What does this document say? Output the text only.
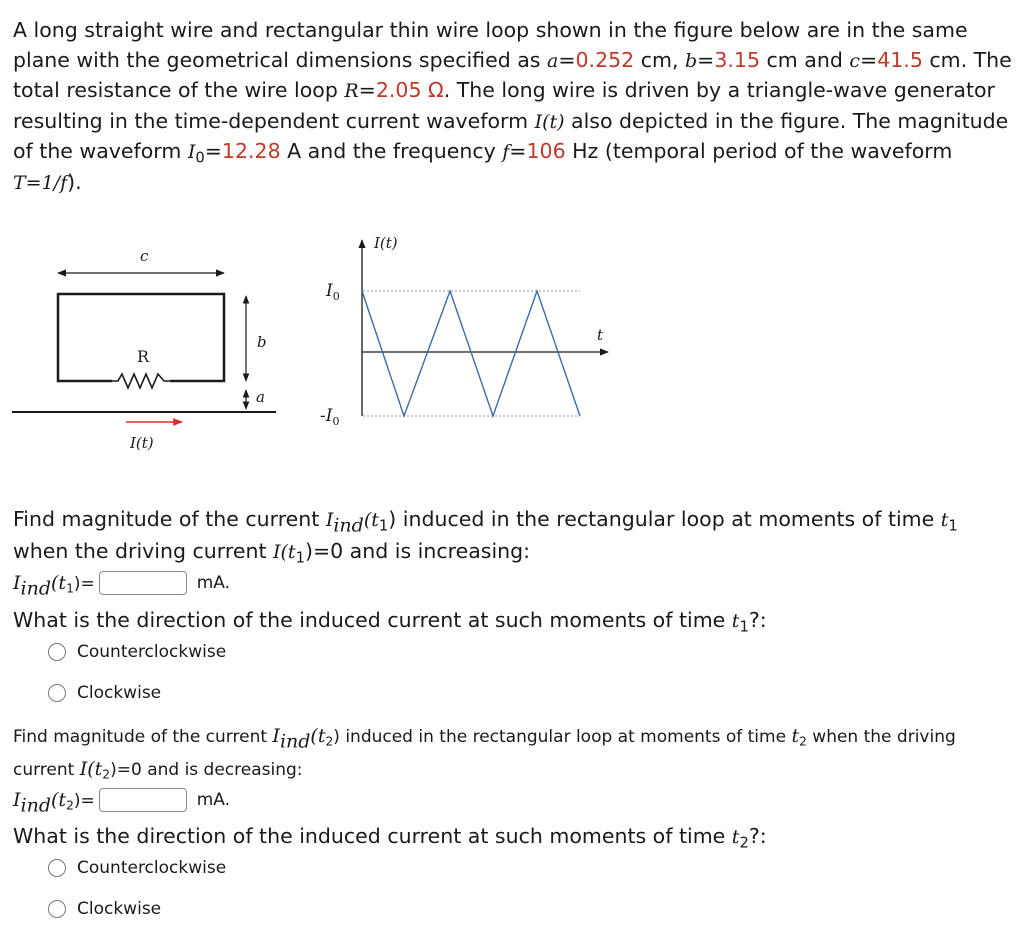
A long straight wire and rectangular thin wire loop shown in the figure below are in the same plane with the geometrical dimensions specified as a=0.252 cm, b=3.15 cm and c=41.5 cm. The total resistance of the wire loop R=2.05 Ω. The long wire is driven by a triangle-wave generator resulting in the time-dependent current waveform I(t) also depicted in the figure. The magnitude of the waveform $I_0=12.28$ A and the frequency f=106 Hz (temporal period of the waveform T=1/f).
c
R
b
a
I(t)
I(t)
t
$I_0$
$-I_0$
Find magnitude of the current $I_{ind}(t_1)$ induced in the rectangular loop at moments of time $t_1$ when the driving current $I(t_1)=0$ and is increasing:
$I_{ind}(t_1)=$	mA.
What is the direction of the induced current at such moments of time $t_1$?:
Counterclockwise
Clockwise
Find magnitude of the current $I_{ind}(t_2)$ induced in the rectangular loop at moments of time $t_2$ when the driving current $I(t_2)=0$ and is decreasing:
$I_{ind}(t_2)=$	mA.
What is the direction of the induced current at such moments of time $t_2$?:
Counterclockwise
Clockwise
